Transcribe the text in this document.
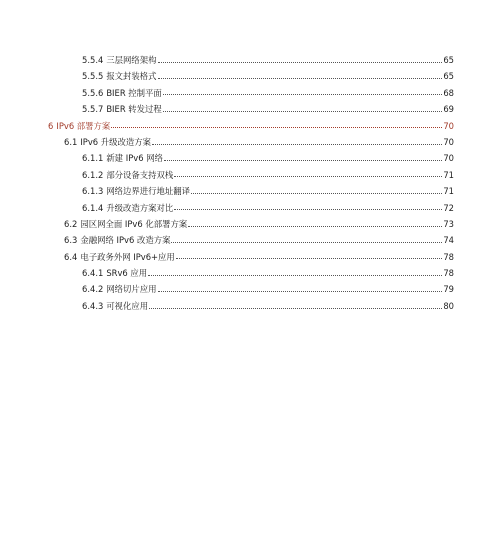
5.5.4 三层网络架构	65
5.5.5 报文封装格式	65
5.5.6 BIER 控制平面	68
5.5.7 BIER 转发过程	69
6 IPv6 部署方案	70
6.1 IPv6 升级改造方案	70
6.1.1 新建 IPv6 网络	70
6.1.2 部分设备支持双栈	71
6.1.3 网络边界进行地址翻译	71
6.1.4 升级改造方案对比	72
6.2 园区网全面 IPv6 化部署方案	73
6.3 金融网络 IPv6 改造方案	74
6.4 电子政务外网 IPv6+应用	78
6.4.1 SRv6 应用	78
6.4.2 网络切片应用	79
6.4.3 可视化应用	80
